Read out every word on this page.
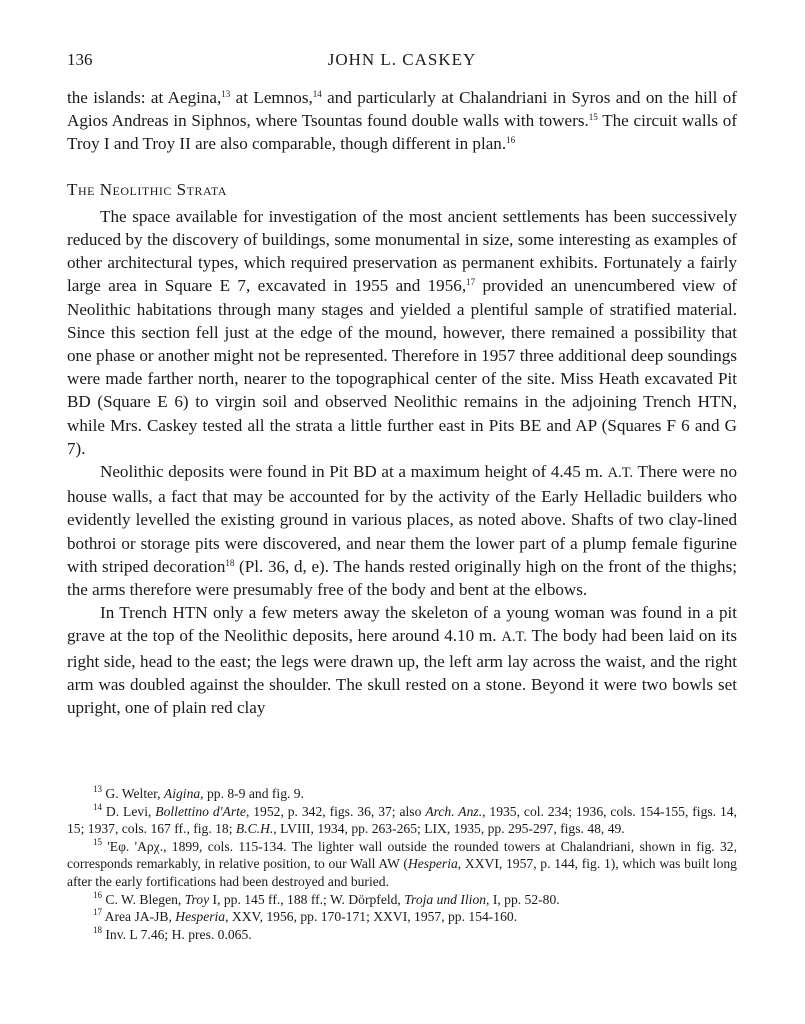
136	JOHN L. CASKEY

the islands: at Aegina,$^{13}$ at Lemnos,$^{14}$ and particularly at Chalandriani in Syros and on the hill of Agios Andreas in Siphnos, where Tsountas found double walls with towers.$^{15}$ The circuit walls of Troy I and Troy II are also comparable, though different in plan.$^{16}$

The Neolithic Strata

The space available for investigation of the most ancient settlements has been successively reduced by the discovery of buildings, some monumental in size, some interesting as examples of other architectural types, which required preservation as permanent exhibits. Fortunately a fairly large area in Square E 7, excavated in 1955 and 1956,17 provided an unencumbered view of Neolithic habitations through many stages and yielded a plentiful sample of stratified material. Since this section fell just at the edge of the mound, however, there remained a possibility that one phase or another might not be represented. Therefore in 1957 three additional deep soundings were made farther north, nearer to the topographical center of the site. Miss Heath excavated Pit BD (Square E 6) to virgin soil and observed Neolithic remains in the adjoining Trench HTN, while Mrs. Caskey tested all the strata a little further east in Pits BE and AP (Squares F 6 and G 7).

Neolithic deposits were found in Pit BD at a maximum height of 4.45 m. A.T. There were no house walls, a fact that may be accounted for by the activity of the Early Helladic builders who evidently levelled the existing ground in various places, as noted above. Shafts of two clay-lined bothroi or storage pits were discovered, and near them the lower part of a plump female figurine with striped decoration$^{18}$ (Pl. 36, d, e). The hands rested originally high on the front of the thighs; the arms therefore were presumably free of the body and bent at the elbows.

In Trench HTN only a few meters away the skeleton of a young woman was found in a pit grave at the top of the Neolithic deposits, here around 4.10 m. A.T. The body had been laid on its right side, head to the east; the legs were drawn up, the left arm lay across the waist, and the right arm was doubled against the shoulder. The skull rested on a stone. Beyond it were two bowls set upright, one of plain red clay

$^{13}$ G. Welter, Aigina, pp. 8-9 and fig. 9.

$^{14}$ D. Levi, Bollettino d'Arte, 1952, p. 342, figs. 36, 37; also Arch. Anz., 1935, col. 234; 1936, cols. 154-155, figs. 14, 15; 1937, cols. 167 ff., fig. 18; B.C.H., LVIII, 1934, pp. 263-265; LIX, 1935, pp. 295-297, figs. 48, 49.

$^{15}$ 'Eφ. 'Aρχ., 1899, cols. 115-134. The lighter wall outside the rounded towers at Chalandriani, shown in fig. 32, corresponds remarkably, in relative position, to our Wall AW (Hesperia, XXVI, 1957, p. 144, fig. 1), which was built long after the early fortifications had been destroyed and buried.

$^{16}$ C. W. Blegen, Troy I, pp. 145 ff., 188 ff.; W. Dörpfeld, Troja und Ilion, I, pp. 52-80.

$^{17}$ Area JA-JB, Hesperia, XXV, 1956, pp. 170-171; XXVI, 1957, pp. 154-160.

$^{18}$ Inv. L 7.46; H. pres. 0.065.
